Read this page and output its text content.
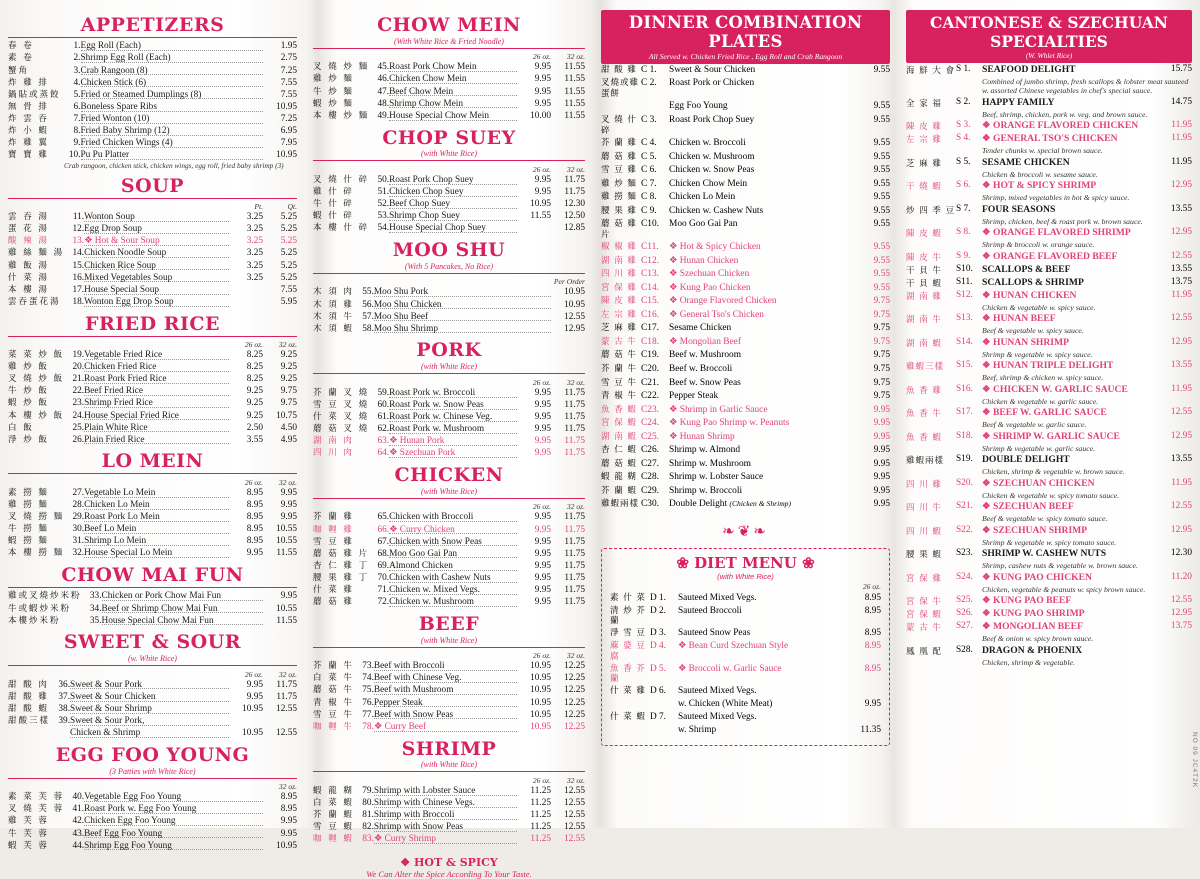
APPETIZERS
春 卷	1.	Egg Roll (Each)	1.95
素 卷	2.	Shrimp Egg Roll (Each)	2.75
蟹角	3.	Crab Rangoon (8)	7.25
炸 雞 排	4.	Chicken Stick (6)	7.55
鍋貼或蒸餃	5.	Fried or Steamed Dumplings (8)	7.55
無 骨 排	6.	Boneless Spare Ribs	10.95
炸 雲 吞	7.	Fried Wonton (10)	7.25
炸 小 蝦	8.	Fried Baby Shrimp (12)	6.95
炸 雞 翼	9.	Fried Chicken Wings (4)	7.95
寶 寶 雞	10.	Pu Pu Platter	10.95
Crab rangoon, chicken stick, chicken wings, egg roll, fried baby shrimp (3)
SOUP
			Pt.	Qt.
雲 吞 湯	11.	Wonton Soup	3.25	5.25
蛋 花 湯	12.	Egg Drop Soup	3.25	5.25
酸 辣 湯	13.	❖ Hot & Sour Soup	3.25	5.25
雞 絲 麵 湯	14.	Chicken Noodle Soup	3.25	5.25
雞 飯 湯	15.	Chicken Rice Soup	3.25	5.25
什 菜 湯	16.	Mixed Vegetables Soup	3.25	5.25
本 樓 湯	17.	House Special Soup		7.55
雲吞蛋花湯	18.	Wonton Egg Drop Soup		5.95
FRIED RICE
			26 oz.	32 oz.
菜 菜 炒 飯	19.	Vegetable Fried Rice	8.25	9.25
雞 炒 飯	20.	Chicken Fried Rice	8.25	9.25
叉 燒 炒 飯	21.	Roast Pork Fried Rice	8.25	9.25
牛 炒 飯	22.	Beef Fried Rice	9.25	9.75
蝦 炒 飯	23.	Shrimp Fried Rice	9.25	9.75
本 樓 炒 飯	24.	House Special Fried Rice	9.25	10.75
白 飯	25.	Plain White Rice	2.50	4.50
淨 炒 飯	26.	Plain Fried Rice	3.55	4.95
LO MEIN
			26 oz.	32 oz.
素 撈 麵	27.	Vegetable Lo Mein	8.95	9.95
雞 撈 麵	28.	Chicken Lo Mein	8.95	9.95
叉 燒 撈 麵	29.	Roast Pork Lo Mein	8.95	9.95
牛 撈 麵	30.	Beef Lo Mein	8.95	10.55
蝦 撈 麵	31.	Shrimp Lo Mein	8.95	10.55
本 樓 撈 麵	32.	House Special Lo Mein	9.95	11.55
CHOW MAI FUN
雞或叉燒炒米粉	33.	Chicken or Pork Chow Mai Fun	9.95
牛或蝦炒米粉	34.	Beef or Shrimp Chow Mai Fun	10.55
本樓炒米粉	35.	House Special Chow Mai Fun	11.55
SWEET & SOUR
(w. White Rice)
			26 oz.	32 oz.
甜 酸 肉	36.	Sweet & Sour Pork	9.95	11.75
甜 酸 雞	37.	Sweet & Sour Chicken	9.95	11.75
甜 酸 蝦	38.	Sweet & Sour Shrimp	10.95	12.55
甜酸三樣	39.	Sweet & Sour Pork,		

Chicken & Shrimp	10.95	12.55
EGG FOO YOUNG
(3 Patties with White Rice)
			32 oz.
素 菜 芙 蓉	40.	Vegetable Egg Foo Young	8.95
叉 燒 芙 蓉	41.	Roast Pork w. Egg Foo Young	8.95
雞 芙 蓉	42.	Chicken Egg Foo Young	9.95
牛 芙 蓉	43.	Beef Egg Foo Young	9.95
蝦 芙 蓉	44.	Shrimp Egg Foo Young	10.95
CHOW MEIN
(With White Rice & Fried Noodle)
			26 oz.	32 oz.
叉 燒 炒 麵	45.	Roast Pork Chow Mein	9.95	11.55
雞 炒 麵	46.	Chicken Chow Mein	9.95	11.55
牛 炒 麵	47.	Beef Chow Mein	9.95	11.55
蝦 炒 麵	48.	Shrimp Chow Mein	9.95	11.55
本 樓 炒 麵	49.	House Special Chow Mein	10.00	11.55
CHOP SUEY
(with White Rice)
			26 oz.	32 oz.
叉 燒 什 碎	50.	Roast Pork Chop Suey	9.95	11.75
雞 什 碎	51.	Chicken Chop Suey	9.95	11.75
牛 什 碎	52.	Beef Chop Suey	10.95	12.30
蝦 什 碎	53.	Shrimp Chop Suey	11.55	12.50
本 樓 什 碎	54.	House Special Chop Suey		12.85
MOO SHU
(With 5 Pancakes, No Rice)
			Per Order
木 須 肉	55.	Moo Shu Pork	10.95
木 須 雞	56.	Moo Shu Chicken	10.95
木 須 牛	57.	Moo Shu Beef	12.55
木 須 蝦	58.	Moo Shu Shrimp	12.95
PORK
(with White Rice)
			26 oz.	32 oz.
芥 蘭 叉 燒	59.	Roast Pork w. Broccoli	9.95	11.75
雪 豆 叉 燒	60.	Roast Pork w. Snow Peas	9.95	11.75
什 菜 叉 燒	61.	Roast Pork w. Chinese Veg.	9.95	11.75
蘑 菇 叉 燒	62.	Roast Pork w. Mushroom	9.95	11.75
湖 南 肉	63.	❖ Hunan Pork	9.95	11.75
四 川 肉	64.	❖ Szechuan Pork	9.95	11.75
CHICKEN
(with White Rice)
			26 oz.	32 oz.
芥 蘭 雞	65.	Chicken with Broccoli	9.95	11.75
咖 喱 雞	66.	❖ Curry Chicken	9.95	11.75
雪 豆 雞	67.	Chicken with Snow Peas	9.95	11.75
蘑 菇 雞 片	68.	Moo Goo Gai Pan	9.95	11.75
杏 仁 雞 丁	69.	Almond Chicken	9.95	11.75
腰 果 雞 丁	70.	Chicken with Cashew Nuts	9.95	11.75
什 菜 雞	71.	Chicken w. Mixed Vegs.	9.95	11.75
蘑 菇 雞	72.	Chicken w. Mushroom	9.95	11.75
BEEF
(with White Rice)
			26 oz.	32 oz.
芥 蘭 牛	73.	Beef with Broccoli	10.95	12.25
白 菜 牛	74.	Beef with Chinese Veg.	10.95	12.25
蘑 菇 牛	75.	Beef with Mushroom	10.95	12.25
青 椒 牛	76.	Pepper Steak	10.95	12.25
雪 豆 牛	77.	Beef with Snow Peas	10.95	12.25
咖 喱 牛	78.	❖ Curry Beef	10.95	12.25
SHRIMP
(with White Rice)
			26 oz.	32 oz.
蝦 龍 糊	79.	Shrimp with Lobster Sauce	11.25	12.55
白 菜 蝦	80.	Shrimp with Chinese Vegs.	11.25	12.55
芥 蘭 蝦	81.	Shrimp with Broccoli	11.25	12.55
雪 豆 蝦	82.	Shrimp with Snow Peas	11.25	12.55
咖 喱 蝦	83.	❖ Curry Shrimp	11.25	12.55
❖ HOT & SPICY
We Can Alter the Spice According To Your Taste.
DINNER COMBINATION PLATES
All Served w. Chicken Fried Rice , Egg Roll and Crab Rangoon
甜 酸 雞	C 1.	Sweet & Sour Chicken	9.55
叉燒或雞蛋餅	C 2.	Roast Pork or Chicken	
		Egg Foo Young	9.55
叉 燒 什 碎	C 3.	Roast Pork Chop Suey	9.55
芥 蘭 雞	C 4.	Chicken w. Broccoli	9.55
蘑 菇 雞	C 5.	Chicken w. Mushroom	9.55
雪 豆 雞	C 6.	Chicken w. Snow Peas	9.55
雞 炒 麵	C 7.	Chicken Chow Mein	9.55
雞 撈 麵	C 8.	Chicken Lo Mein	9.55
腰 果 雞	C 9.	Chicken w. Cashew Nuts	9.55
蘑 菇 雞 片	C10.	Moo Goo Gai Pan	9.55
椒 椒 雞	C11.	❖ Hot & Spicy Chicken	9.55
湖 南 雞	C12.	❖ Hunan Chicken	9.55
四 川 雞	C13.	❖ Szechuan Chicken	9.55
宮 保 雞	C14.	❖ Kung Pao Chicken	9.55
陳 皮 雞	C15.	❖ Orange Flavored Chicken	9.75
左 宗 雞	C16.	❖ General Tso's Chicken	9.75
芝 麻 雞	C17.	Sesame Chicken	9.75
蒙 古 牛	C18.	❖ Mongolian Beef	9.75
蘑 菇 牛	C19.	Beef w. Mushroom	9.75
芥 蘭 牛	C20.	Beef w. Broccoli	9.75
雪 豆 牛	C21.	Beef w. Snow Peas	9.75
青 椒 牛	C22.	Pepper Steak	9.75
魚 香 蝦	C23.	❖ Shrimp in Garlic Sauce	9.95
宮 保 蝦	C24.	❖ Kung Pao Shrimp w. Peanuts	9.95
湖 南 蝦	C25.	❖ Hunan Shrimp	9.95
杏 仁 蝦	C26.	Shrimp w. Almond	9.95
蘑 菇 蝦	C27.	Shrimp w. Mushroom	9.95
蝦 龍 糊	C28.	Shrimp w. Lobster Sauce	9.95
芥 蘭 蝦	C29.	Shrimp w. Broccoli	9.95
雞蝦兩樣	C30.	Double Delight (Chicken & Shrimp)	9.95
❧❦❧
❀ DIET MENU ❀
(with White Rice)
			26 oz.
素 什 菜	D 1.	Sauteed Mixed Vegs.	8.95
清 炒 芥 蘭	D 2.	Sauteed Broccoli	8.95
淨 雪 豆	D 3.	Sauteed Snow Peas	8.95
蔴 婆 豆 腐	D 4.	❖ Bean Curd Szechuan Style	8.95
魚 香 芥 蘭	D 5.	❖ Broccoli w. Garlic Sauce	8.95
什 菜 雞	D 6.	Sauteed Mixed Vegs.	
		w. Chicken (White Meat)	9.95
什 菜 蝦	D 7.	Sauteed Mixed Vegs.	
		w. Shrimp	11.35
CANTONESE & SZECHUAN SPECIALTIES
(W. Whlet Rice)
海 鮮 大 會	S 1.	SEAFOOD DELIGHT	15.75
		Combined of jumbo shrimp, fresh scallops & lobster meat sauteed w. assorted Chinese vegetables in chef's special sauce.	
全 家 福	S 2.	HAPPY FAMILY	14.75
		Beef, shrimp, chicken, pork w. veg. and brown sauce.	
陳 皮 雞	S 3.	❖ ORANGE FLAVORED CHICKEN	11.95
左 宗 雞	S 4.	❖ GENERAL TSO'S CHICKEN	11.95
		Tender chunks w. special brown sauce.	
芝 麻 雞	S 5.	SESAME CHICKEN	11.95
		Chicken & broccoli w. sesame sauce.	
干 燒 蝦	S 6.	❖ HOT & SPICY SHRIMP	12.95
		Shrimp, mixed vegetables in hot & spicy sauce.	
炒 四 季 豆	S 7.	FOUR SEASONS	13.55
		Shrimp, chicken, beef & roast pork w. brown sauce.	
陳 皮 蝦	S 8.	❖ ORANGE FLAVORED SHRIMP	12.95
		Shrimp & broccoli w. orange sauce.	
陳 皮 牛	S 9.	❖ ORANGE FLAVORED BEEF	12.55
干 貝 牛	S10.	SCALLOPS & BEEF	13.55
干 貝 蝦	S11.	SCALLOPS & SHRIMP	13.75
湖 南 雞	S12.	❖ HUNAN CHICKEN	11.95
		Chicken & vegetable w. spicy sauce.	
湖 南 牛	S13.	❖ HUNAN BEEF	12.55
		Beef & vegetable w. spicy sauce.	
湖 南 蝦	S14.	❖ HUNAN SHRIMP	12.95
		Shrimp & vegetable w. spicy sauce.	
雞蝦三樣	S15.	❖ HUNAN TRIPLE DELIGHT	13.55
		Beef, shrimp & chicken w. spicy sauce.	
魚 香 雞	S16.	❖ CHICKEN W. GARLIC SAUCE	11.95
		Chicken & vegetable w. garlic sauce.	
魚 香 牛	S17.	❖ BEEF W. GARLIC SAUCE	12.55
		Beef & vegetable w. garlic sauce.	
魚 香 蝦	S18.	❖ SHRIMP W. GARLIC SAUCE	12.95
		Shrimp & vegetable w. garlic sauce.	
雞蝦兩樣	S19.	DOUBLE DELIGHT	13.55
		Chicken, shrimp & vegetable w. brown sauce.	
四 川 雞	S20.	❖ SZECHUAN CHICKEN	11.95
		Chicken & vegetable w. spicy tomato sauce.	
四 川 牛	S21.	❖ SZECHUAN BEEF	12.55
		Beef & vegetable w. spicy tomato sauce.	
四 川 蝦	S22.	❖ SZECHUAN SHRIMP	12.95
		Shrimp & vegetable w. spicy tomato sauce.	
腰 果 蝦	S23.	SHRIMP W. CASHEW NUTS	12.30
		Shrimp, cashew nuts & vegetable w. brown sauce.	
宮 保 雞	S24.	❖ KUNG PAO CHICKEN	11.20
		Chicken, vegetable & peanuts w. spicy brown sauce.	
宮 保 牛	S25.	❖ KUNG PAO BEEF	12.55
宮 保 蝦	S26.	❖ KUNG PAO SHRIMP	12.95
蒙 古 牛	S27.	❖ MONGOLIAN BEEF	13.75
		Beef & onion w. spicy brown sauce.	
鳳 凰 配	S28.	DRAGON & PHOENIX	
		Chicken, shrimp & vegetable.	
NO 09 JC4T2K
